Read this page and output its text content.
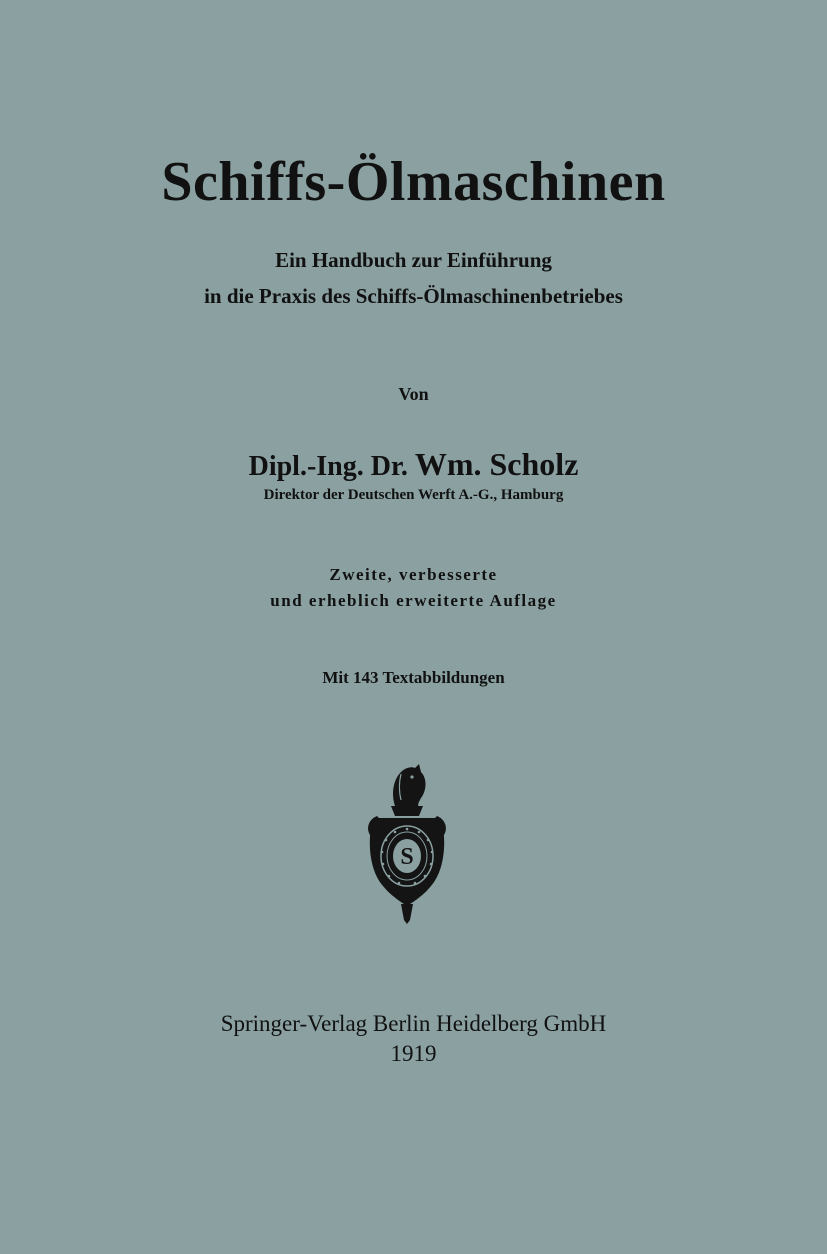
Schiffs-Ölmaschinen
Ein Handbuch zur Einführung
in die Praxis des Schiffs-Ölmaschinenbetriebes
Von
Dipl.-Ing. Dr. Wm. Scholz
Direktor der Deutschen Werft A.-G., Hamburg
Zweite, verbesserte
und erheblich erweiterte Auflage
Mit 143 Textabbildungen
S
Springer-Verlag Berlin Heidelberg GmbH
1919
